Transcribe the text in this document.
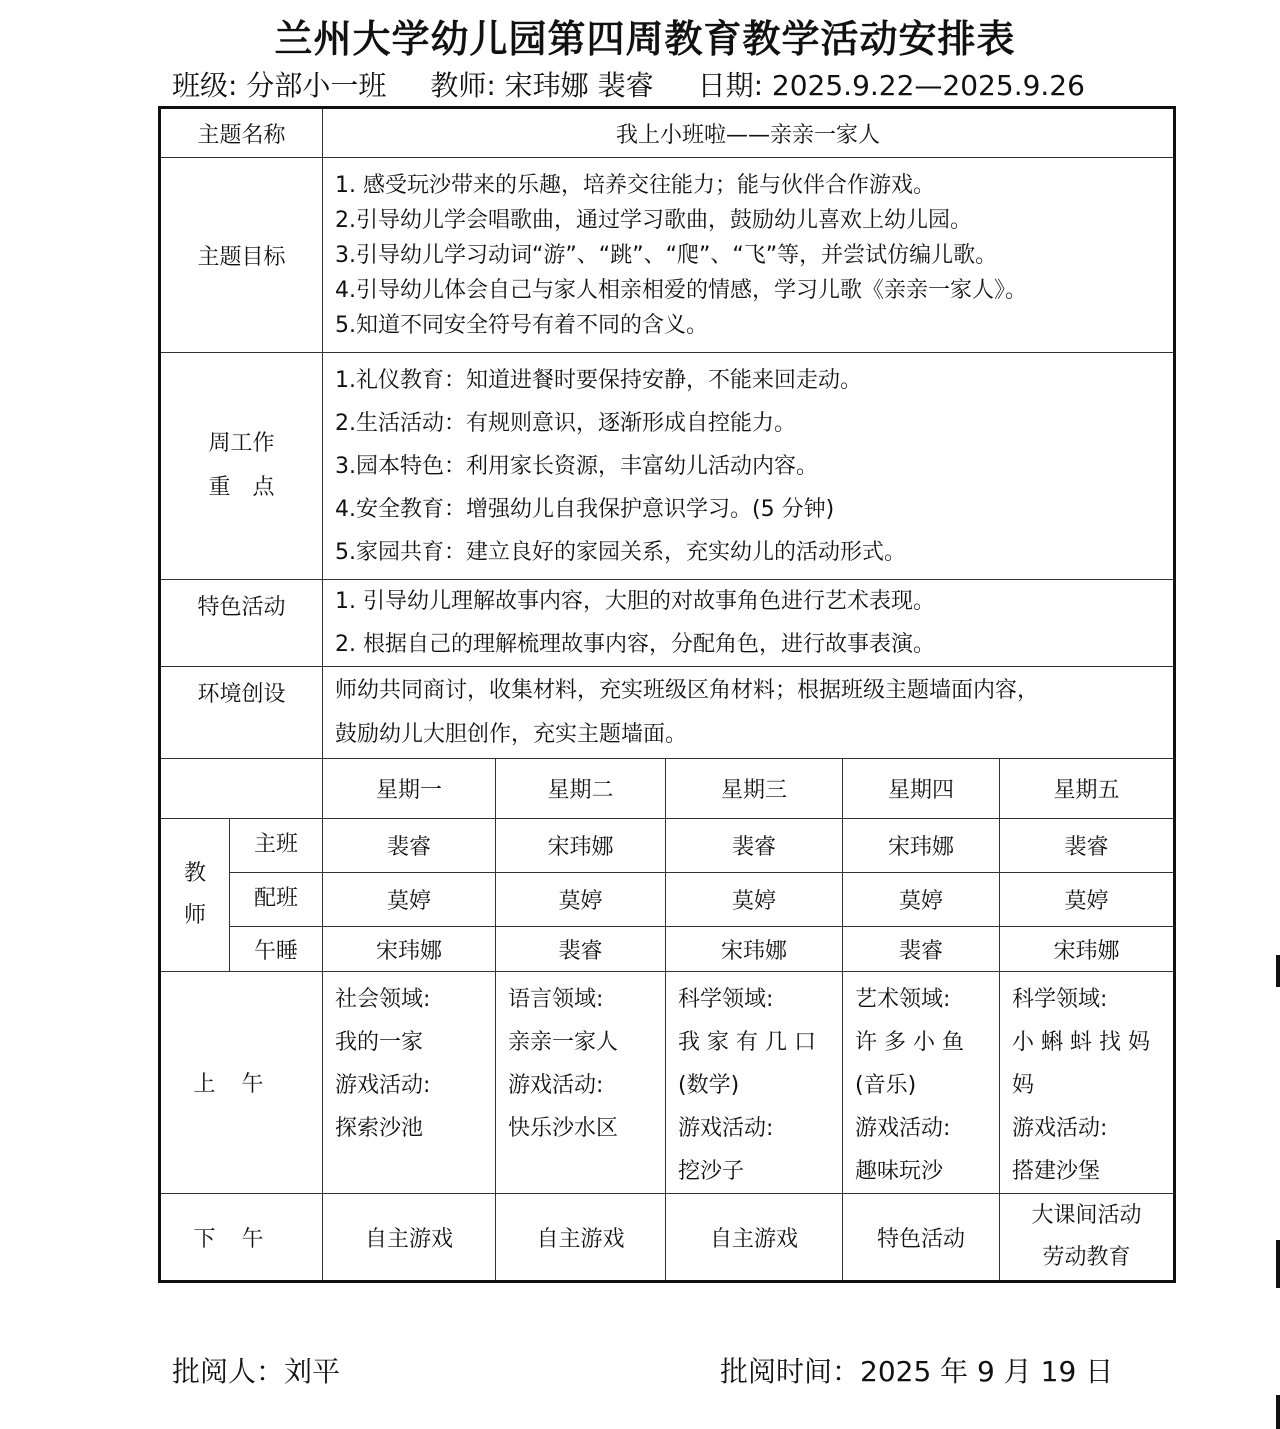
兰州大学幼儿园第四周教育教学活动安排表
班级: 分部小一班 教师: 宋玮娜 裴睿 日期: 2025.9.22—2025.9.26
主题名称		我上小班啦——亲亲一家人				
主题目标		1. 感受玩沙带来的乐趣，培养交往能力；能与伙伴合作游戏。
2.引导幼儿学会唱歌曲，通过学习歌曲，鼓励幼儿喜欢上幼儿园。
3.引导幼儿学习动词“游”、“跳”、“爬”、“飞”等，并尝试仿编儿歌。
4.引导幼儿体会自己与家人相亲相爱的情感，学习儿歌《亲亲一家人》。
5.知道不同安全符号有着不同的含义。				

周工作
重　点		1.礼仪教育：知道进餐时要保持安静，不能来回走动。
2.生活活动：有规则意识，逐渐形成自控能力。
3.园本特色：利用家长资源，丰富幼儿活动内容。
4.安全教育：增强幼儿自我保护意识学习。(5 分钟)
5.家园共育：建立良好的家园关系，充实幼儿的活动形式。				

特色活动		1. 引导幼儿理解故事内容，大胆的对故事角色进行艺术表现。
2. 根据自己的理解梳理故事内容，分配角色，进行故事表演。				

环境创设		师幼共同商讨，收集材料，充实班级区角材料；根据班级主题墙面内容，
鼓励幼儿大胆创作，充实主题墙面。				

		星期一	星期二	星期三	星期四	星期五

教
师	主班	裴睿	宋玮娜	裴睿	宋玮娜	裴睿
	配班	莫婷	莫婷	莫婷	莫婷	莫婷
	午睡	宋玮娜	裴睿	宋玮娜	裴睿	宋玮娜
上午		社会领域:
我的一家
游戏活动:
探索沙池	语言领域:
亲亲一家人
游戏活动:
快乐沙水区	科学领域:
我 家 有 几 口
(数学)
游戏活动:
挖沙子	艺术领域:
许 多 小 鱼
(音乐)
游戏活动:
趣味玩沙	科学领域:
小 蝌 蚪 找 妈
妈
游戏活动:
搭建沙堡

下午		自主游戏	自主游戏	自主游戏	特色活动	大课间活动
劳动教育
批阅人：刘平	批阅时间：2025 年 9 月 19 日
